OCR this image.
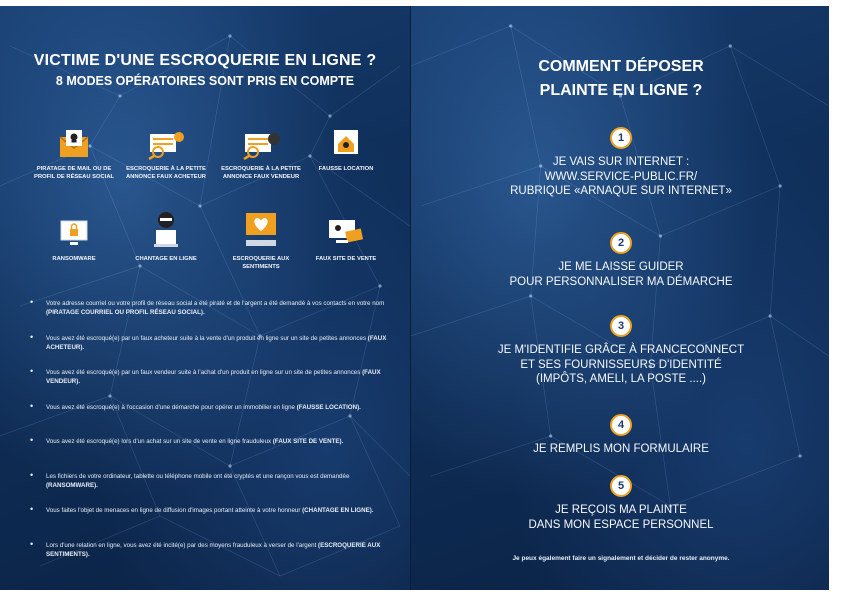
VICTIME D'UNE ESCROQUERIE EN LIGNE ?
8 MODES OPÉRATOIRES SONT PRIS EN COMPTE
PIRATAGE DE MAIL OU DE PROFIL DE RÉSEAU SOCIAL
ESCROQUERIE À LA PETITE ANNONCE FAUX ACHETEUR
ESCROQUERIE À LA PETITE ANNONCE FAUX VENDEUR
FAUSSE LOCATION
RANSOMWARE	CHANTAGE EN LIGNE	ESCROQUERIE AUX SENTIMENTS
FAUX SITE DE VENTE
• Votre adresse courriel ou votre profil de réseau social a été piraté et de l'argent a été demandé à vos contacts en votre nom (PIRATAGE COURRIEL OU PROFIL RÉSEAU SOCIAL).
• Vous avez été escroqué(e) par un faux acheteur suite à la vente d'un produit en ligne sur un site de petites annonces (FAUX ACHETEUR).
• Vous avez été escroqué(e) par un faux vendeur suite à l'achat d'un produit en ligne sur un site de petites annonces (FAUX VENDEUR).
• Vous avez été escroqué(e) à l'occasion d'une démarche pour opérer un immobilier en ligne (FAUSSE LOCATION).
• Vous avez été escroqué(e) lors d'un achat sur un site de vente en ligne frauduleux (FAUX SITE DE VENTE).
• Les fichiers de votre ordinateur, tablette ou téléphone mobile ont été cryptés et une rançon vous est demandée (RANSOMWARE).
• Vous faites l'objet de menaces en ligne de diffusion d'images portant atteinte à votre honneur (CHANTAGE EN LIGNE).
• Lors d'une relation en ligne, vous avez été incité(e) par des moyens frauduleux à verser de l'argent (ESCROQUERIE AUX SENTIMENTS).
COMMENT DÉPOSER
PLAINTE EN LIGNE ?
1
JE VAIS SUR INTERNET :
WWW.SERVICE-PUBLIC.FR/
RUBRIQUE «ARNAQUE SUR INTERNET»
2
JE ME LAISSE GUIDER
POUR PERSONNALISER MA DÉMARCHE
3
JE M'IDENTIFIE GRÂCE À FRANCECONNECT
ET SES FOURNISSEURS D'IDENTITÉ
(IMPÔTS, AMELI, LA POSTE ....)
4
JE REMPLIS MON FORMULAIRE
5
JE REÇOIS MA PLAINTE
DANS MON ESPACE PERSONNEL
Je peux également faire un signalement et décider de rester anonyme.
